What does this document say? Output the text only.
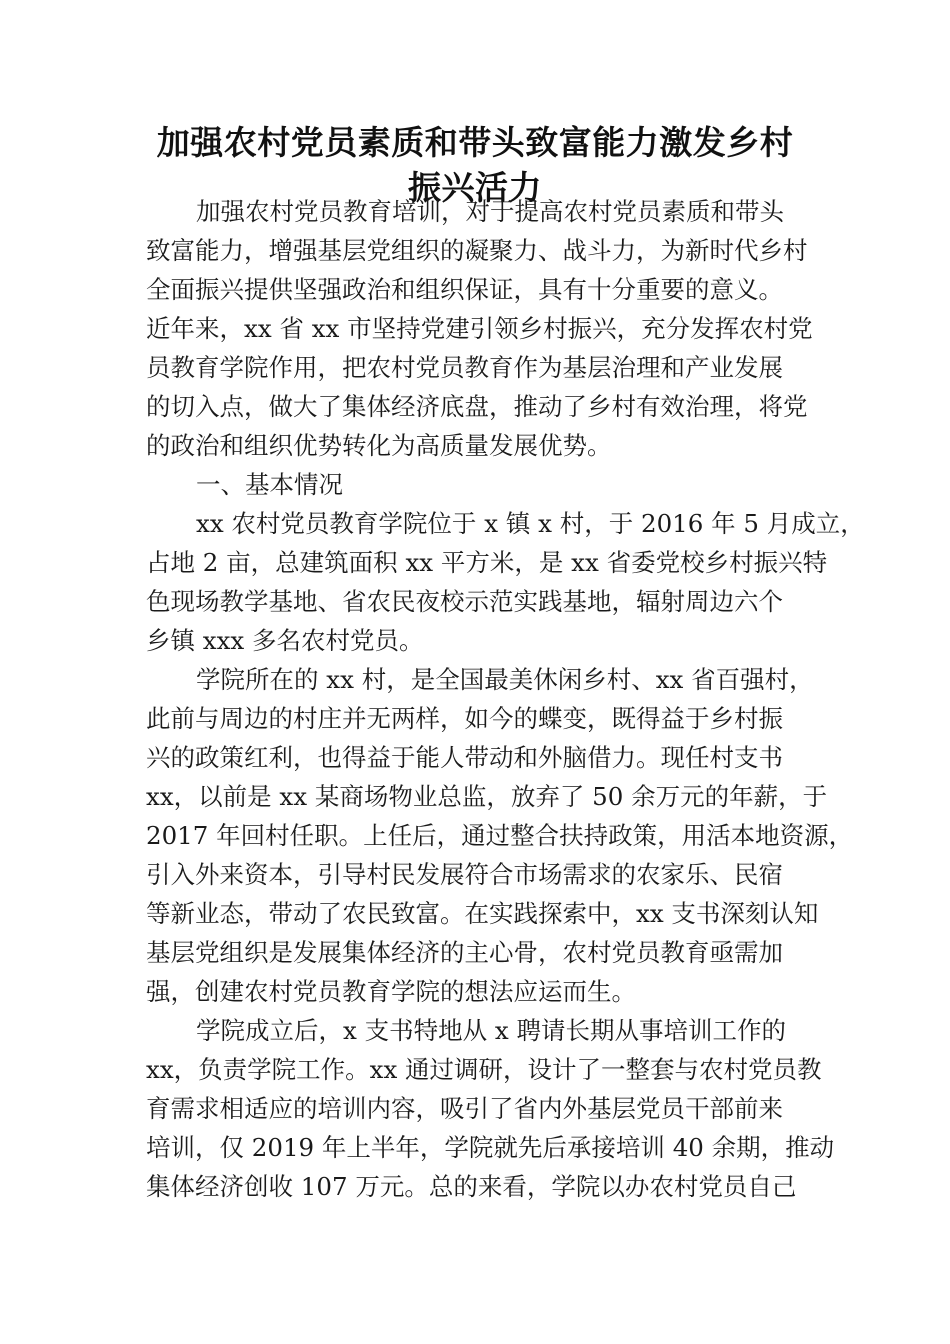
加强农村党员素质和带头致富能力激发乡村
振兴活力
加强农村党员教育培训，对于提高农村党员素质和带头
致富能力，增强基层党组织的凝聚力、战斗力，为新时代乡村
全面振兴提供坚强政治和组织保证，具有十分重要的意义。
近年来，xx 省 xx 市坚持党建引领乡村振兴，充分发挥农村党
员教育学院作用，把农村党员教育作为基层治理和产业发展
的切入点，做大了集体经济底盘，推动了乡村有效治理，将党
的政治和组织优势转化为高质量发展优势。
一、基本情况
xx 农村党员教育学院位于 x 镇 x 村，于 2016 年 5 月成立，
占地 2 亩，总建筑面积 xx 平方米，是 xx 省委党校乡村振兴特
色现场教学基地、省农民夜校示范实践基地，辐射周边六个
乡镇 xxx 多名农村党员。
学院所在的 xx 村，是全国最美休闲乡村、xx 省百强村，
此前与周边的村庄并无两样，如今的蝶变，既得益于乡村振
兴的政策红利，也得益于能人带动和外脑借力。现任村支书
xx，以前是 xx 某商场物业总监，放弃了 50 余万元的年薪，于
2017 年回村任职。上任后，通过整合扶持政策，用活本地资源，
引入外来资本，引导村民发展符合市场需求的农家乐、民宿
等新业态，带动了农民致富。在实践探索中，xx 支书深刻认知
基层党组织是发展集体经济的主心骨，农村党员教育亟需加
强，创建农村党员教育学院的想法应运而生。
学院成立后，x 支书特地从 x 聘请长期从事培训工作的
xx，负责学院工作。xx 通过调研，设计了一整套与农村党员教
育需求相适应的培训内容，吸引了省内外基层党员干部前来
培训，仅 2019 年上半年，学院就先后承接培训 40 余期，推动
集体经济创收 107 万元。总的来看，学院以办农村党员自己
